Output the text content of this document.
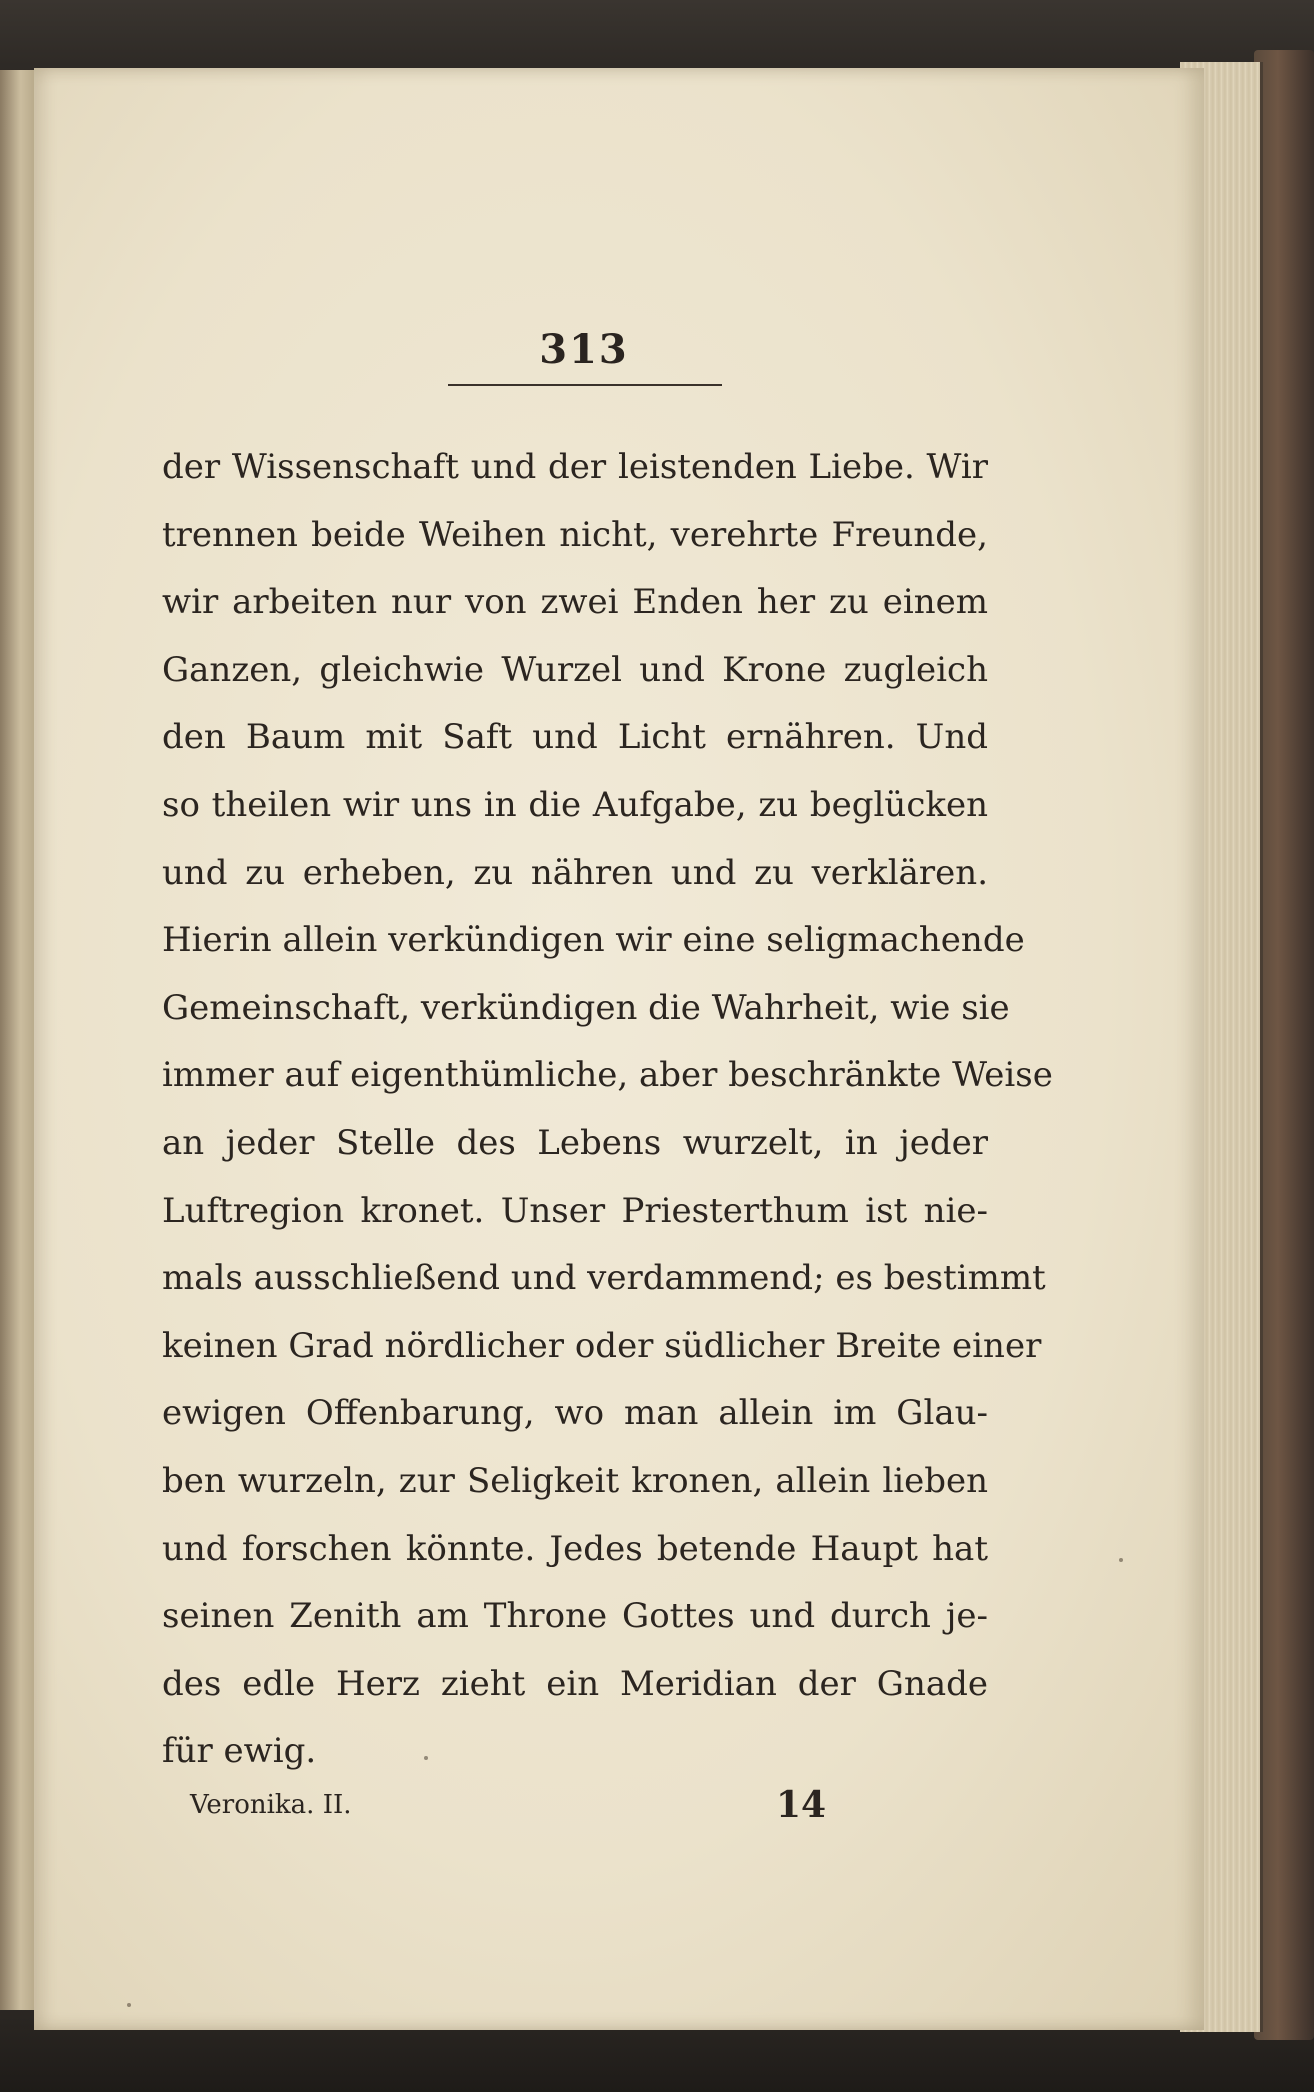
313
der Wissenschaft und der leistenden Liebe. Wir
trennen beide Weihen nicht, verehrte Freunde,
wir arbeiten nur von zwei Enden her zu einem
Ganzen, gleichwie Wurzel und Krone zugleich
den Baum mit Saft und Licht ernähren. Und
so theilen wir uns in die Aufgabe, zu beglücken
und zu erheben, zu nähren und zu verklären.
Hierin allein verkündigen wir eine seligmachende
Gemeinschaft, verkündigen die Wahrheit, wie sie
immer auf eigenthümliche, aber beschränkte Weise
an jeder Stelle des Lebens wurzelt, in jeder
Luftregion kronet. Unser Priesterthum ist nie-
mals ausschließend und verdammend; es bestimmt
keinen Grad nördlicher oder südlicher Breite einer
ewigen Offenbarung, wo man allein im Glau-
ben wurzeln, zur Seligkeit kronen, allein lieben
und forschen könnte. Jedes betende Haupt hat
seinen Zenith am Throne Gottes und durch je-
des edle Herz zieht ein Meridian der Gnade
für ewig.
Veronika. II.	14
